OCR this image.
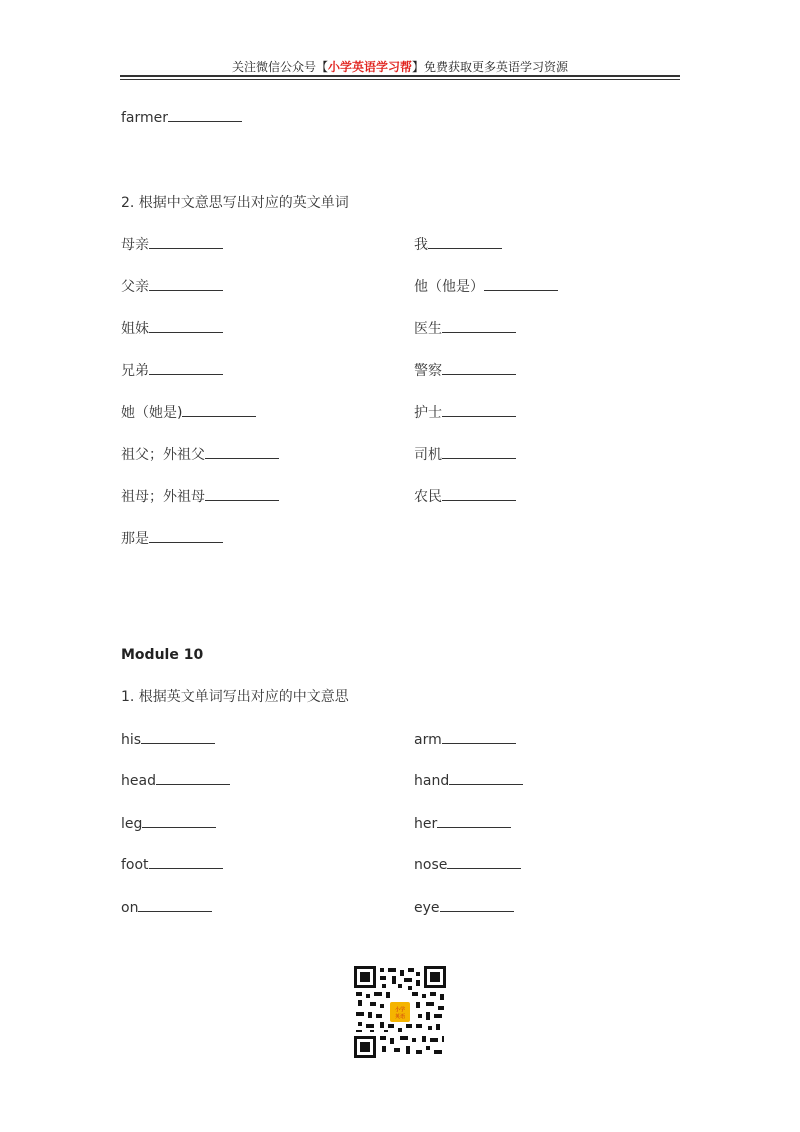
关注微信公众号【小学英语学习帮】免费获取更多英语学习资源
farmer
2. 根据中文意思写出对应的英文单词
母亲
父亲
姐妹
兄弟
她（她是)
祖父；外祖父
祖母；外祖母
那是
我
他（他是）
医生
警察
护士
司机
农民
Module 10
1. 根据英文单词写出对应的中文意思
his
head
leg
foot
on
arm
hand
her
nose
eye
小学
英语
